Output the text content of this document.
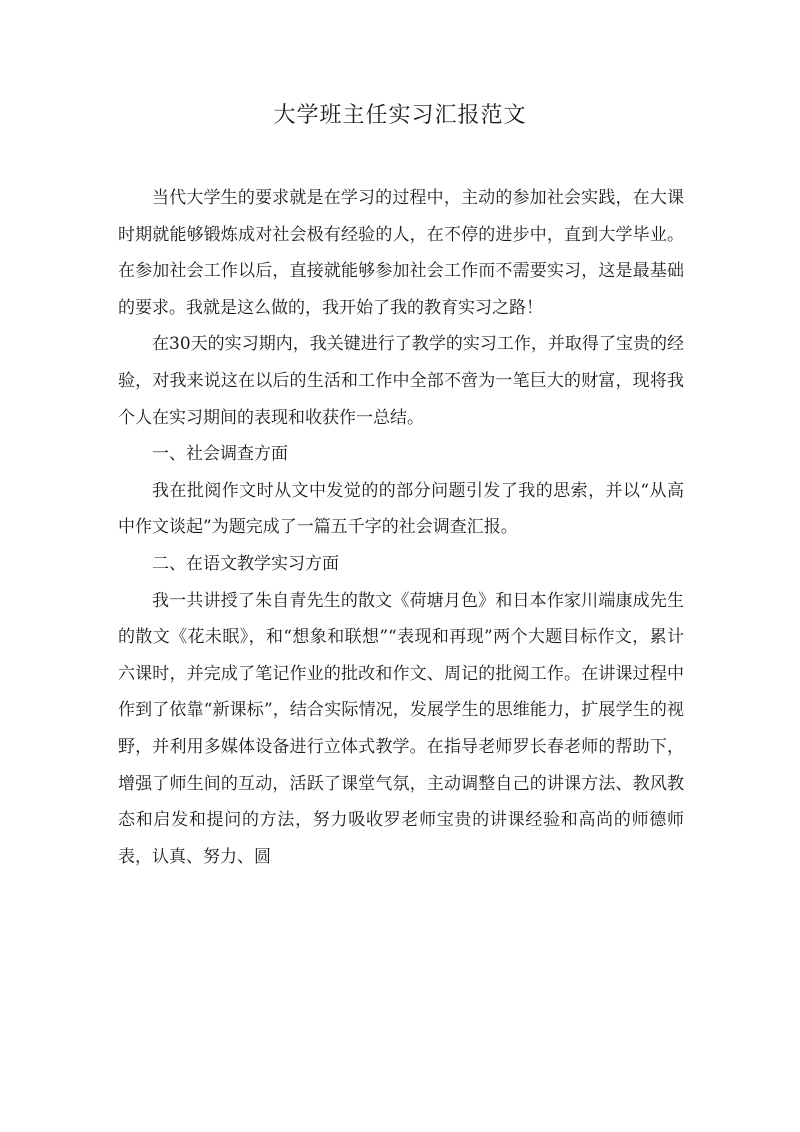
大学班主任实习汇报范文

当代大学生的要求就是在学习的过程中，主动的参加社会实践，在大课时期就能够锻炼成对社会极有经验的人，在不停的进步中，直到大学毕业。在参加社会工作以后，直接就能够参加社会工作而不需要实习，这是最基础的要求。我就是这么做的，我开始了我的教育实习之路！

在30天的实习期内，我关键进行了教学的实习工作，并取得了宝贵的经验，对我来说这在以后的生活和工作中全部不啻为一笔巨大的财富，现将我个人在实习期间的表现和收获作一总结。

一、社会调查方面

我在批阅作文时从文中发觉的的部分问题引发了我的思索，并以“从高中作文谈起”为题完成了一篇五千字的社会调查汇报。

二、在语文教学实习方面

我一共讲授了朱自青先生的散文《荷塘月色》和日本作家川端康成先生的散文《花未眠》，和“想象和联想”“表现和再现”两个大题目标作文，累计六课时，并完成了笔记作业的批改和作文、周记的批阅工作。在讲课过程中作到了依靠“新课标”，结合实际情况，发展学生的思维能力，扩展学生的视野，并利用多媒体设备进行立体式教学。在指导老师罗长春老师的帮助下，增强了师生间的互动，活跃了课堂气氛，主动调整自己的讲课方法、教风教态和启发和提问的方法，努力吸收罗老师宝贵的讲课经验和高尚的师德师表，认真、努力、圆
